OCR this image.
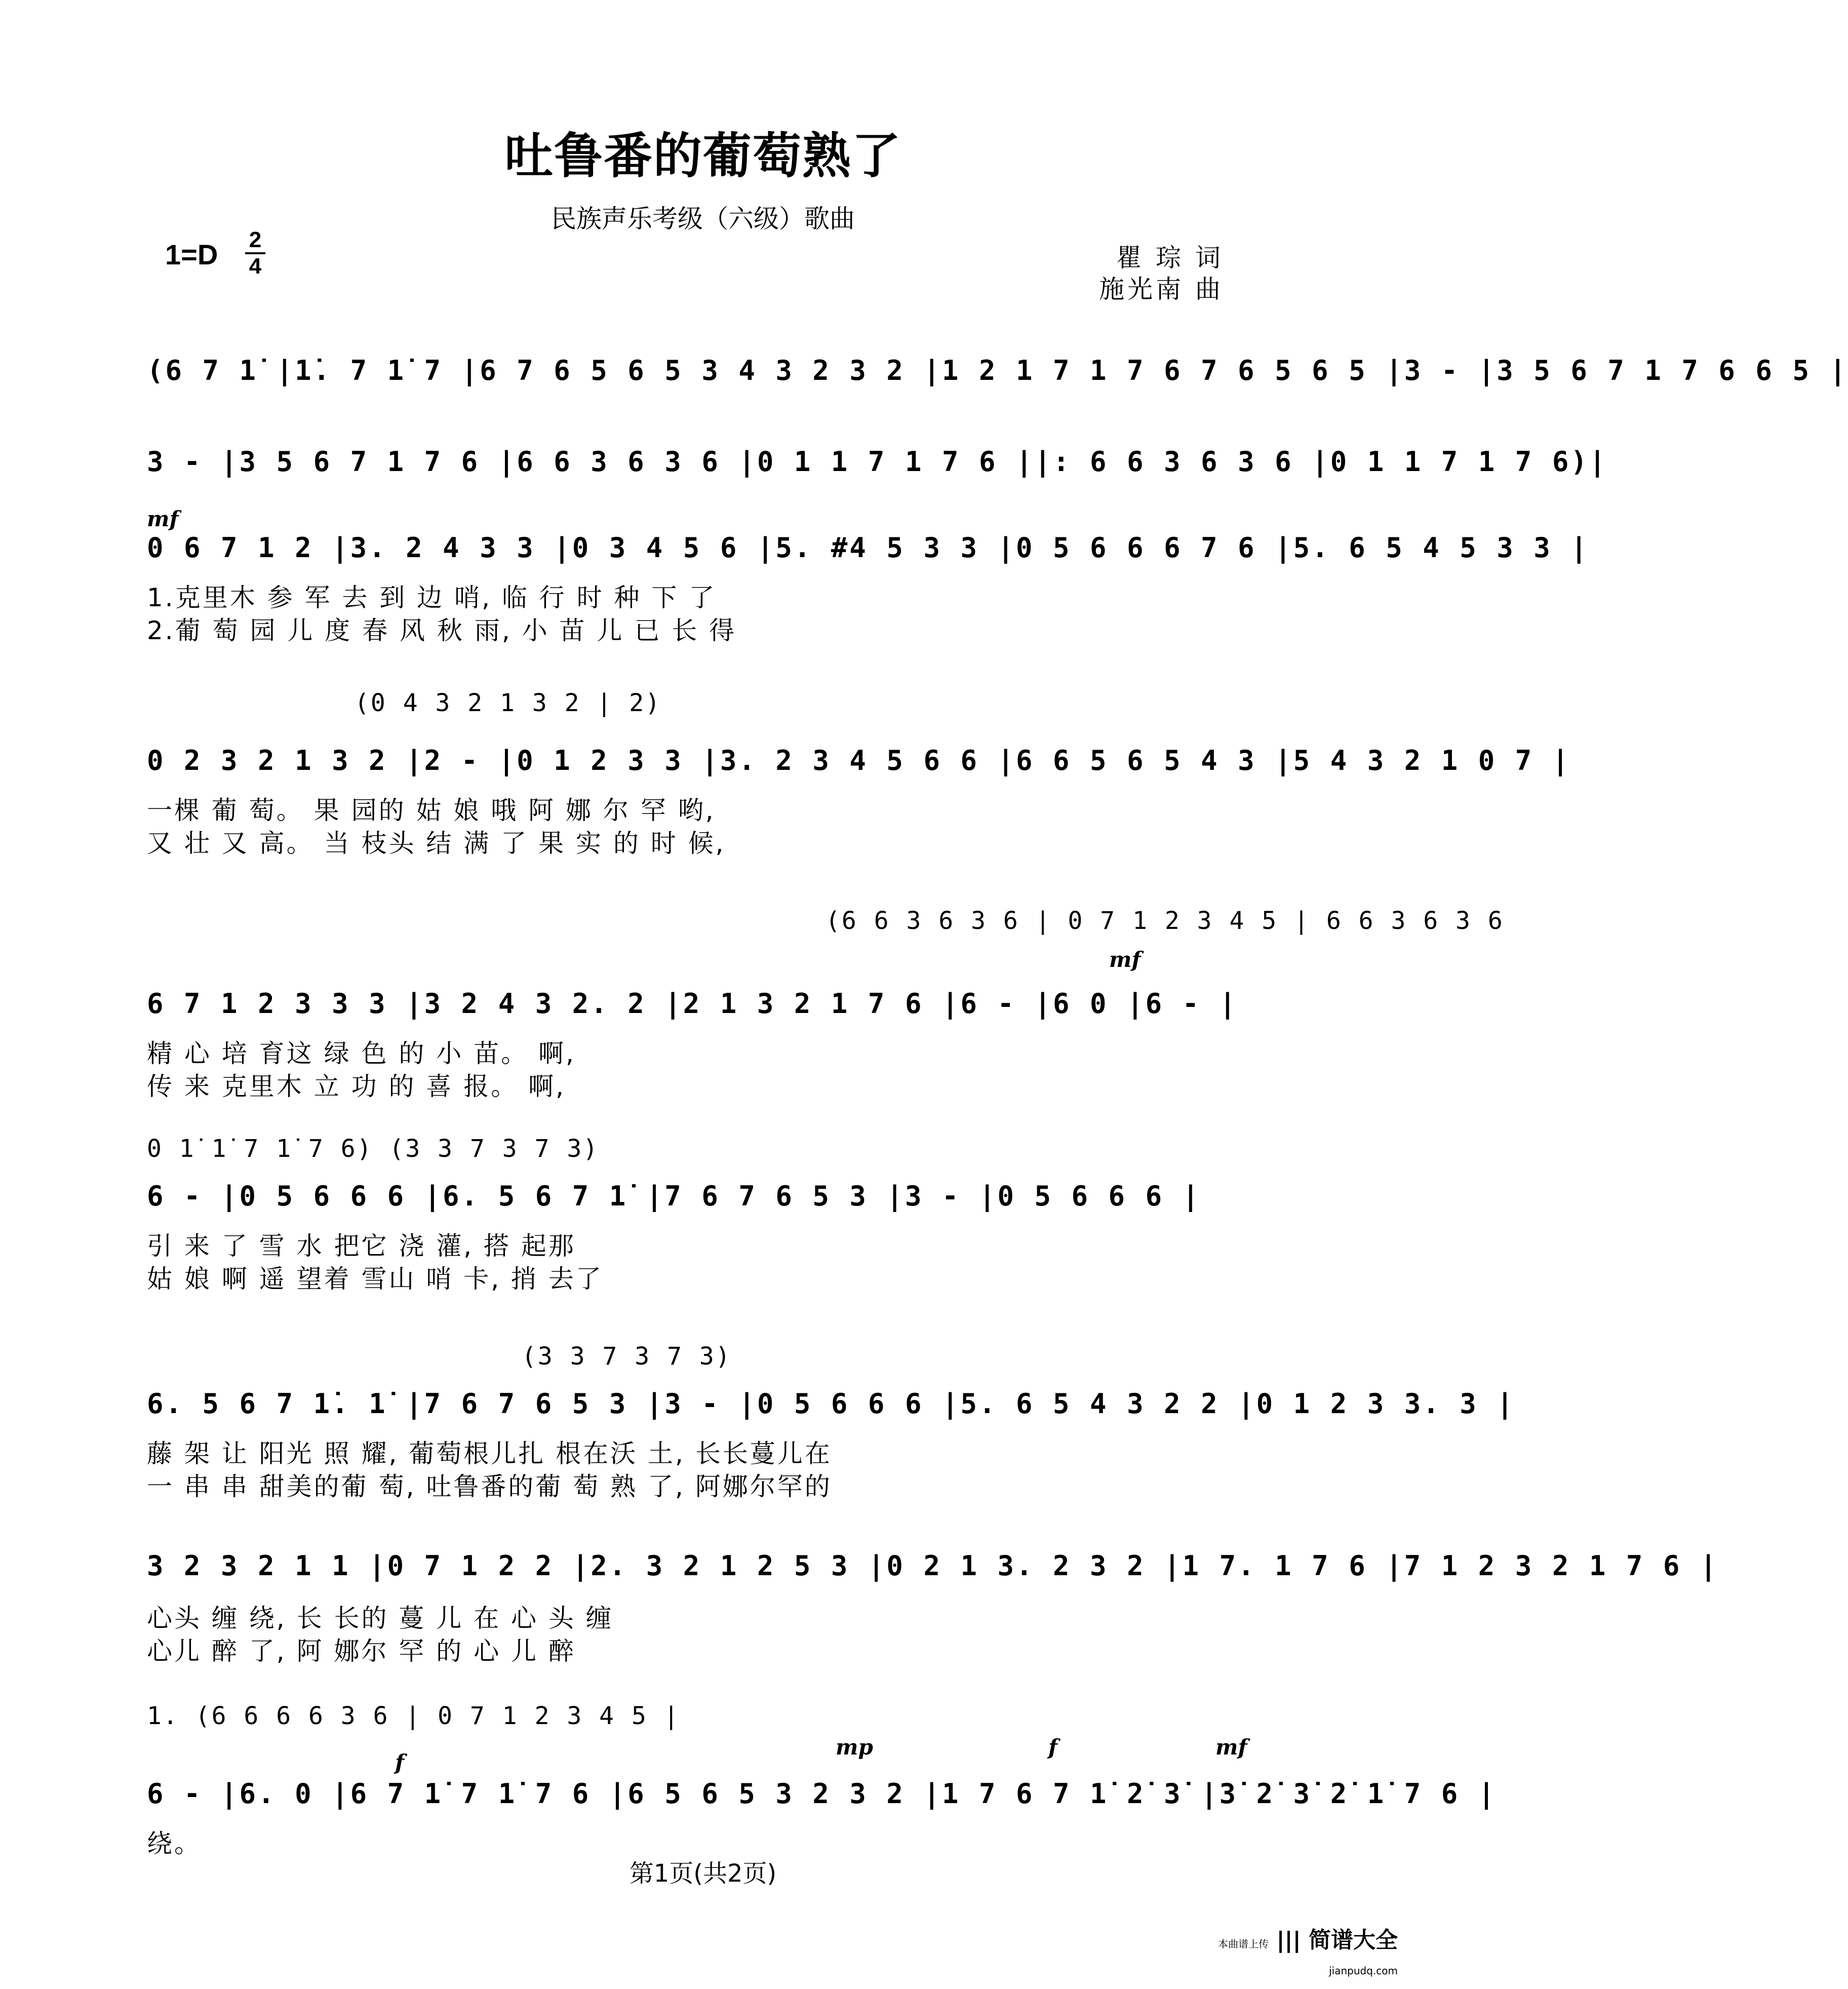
吐鲁番的葡萄熟了
民族声乐考级（六级）歌曲
1=D 2
4	瞿 琮 词
施光南 曲
(6 7 1̇ |1̇. 7 1̇ 7 |6 7 6 5 6 5 3 4 3 2 3 2 |1 2 1 7 1 7 6 7 6 5 6 5 |3 - |3 5 6 7 1 7 6 6 5 |
3 - |3 5 6 7 1 7 6 |6 6 3 6 3 6 |0 1 1 7 1 7 6 ||: 6 6 3 6 3 6 |0 1 1 7 1 7 6)|
mf
0 6 7 1 2 |3. 2 4 3 3 |0 3 4 5 6 |5. #4 5 3 3 |0 5 6 6 6 7 6 |5. 6 5 4 5 3 3 |
1.克里木 参 军 去 到 边 哨, 临 行 时 种 下 了
2.葡 萄 园 儿 度 春 风 秋 雨, 小 苗 儿 已 长 得
(0 4 3 2 1 3 2 | 2)
0 2 3 2 1 3 2 |2 - |0 1 2 3 3 |3. 2 3 4 5 6 6 |6 6 5 6 5 4 3 |5 4 3 2 1 0 7 |
一棵 葡 萄。 果 园的 姑 娘 哦 阿 娜 尔 罕 哟,
又 壮 又 高。 当 枝头 结 满 了 果 实 的 时 候,
(6 6 3 6 3 6 | 0 7 1 2 3 4 5 | 6 6 3 6 3 6
mf
6 7 1 2 3 3 3 |3 2 4 3 2. 2 |2 1 3 2 1 7 6 |6 - |6 0 |6 - |
精 心 培 育这 绿 色 的 小 苗。 啊,
传 来 克里木 立 功 的 喜 报。 啊,
0 1̇ 1̇ 7 1̇ 7 6) (3 3 7 3 7 3)
6 - |0 5 6 6 6 |6. 5 6 7 1̇ |7 6 7 6 5 3 |3 - |0 5 6 6 6 |
引 来 了 雪 水 把它 浇 灌, 搭 起那
姑 娘 啊 遥 望着 雪山 哨 卡, 捎 去了
(3 3 7 3 7 3)
6. 5 6 7 1̇. 1̇ |7 6 7 6 5 3 |3 - |0 5 6 6 6 |5. 6 5 4 3 2 2 |0 1 2 3 3. 3 |
藤 架 让 阳光 照 耀, 葡萄根儿扎 根在沃 土, 长长蔓儿在
一 串 串 甜美的葡 萄, 吐鲁番的葡 萄 熟 了, 阿娜尔罕的
3 2 3 2 1 1 |0 7 1 2 2 |2. 3 2 1 2 5 3 |0 2 1 3. 2 3 2 |1 7. 1 7 6 |7 1 2 3 2 1 7 6 |
心头 缠 绕, 长 长的 蔓 儿 在 心 头 缠
心儿 醉 了, 阿 娜尔 罕 的 心 儿 醉
1. (6 6 6 6 3 6 | 0 7 1 2 3 4 5 |
f
mp	f	mf
6 - |6. 0 |6 7 1̇ 7 1̇ 7 6 |6 5 6 5 3 2 3 2 |1 7 6 7 1̇ 2̇ 3̇ |3̇ 2̇ 3̇ 2̇ 1̇ 7 6 |
绕。
第1页(共2页)
本曲谱上传 ||| 简谱大全
jianpudq.com
